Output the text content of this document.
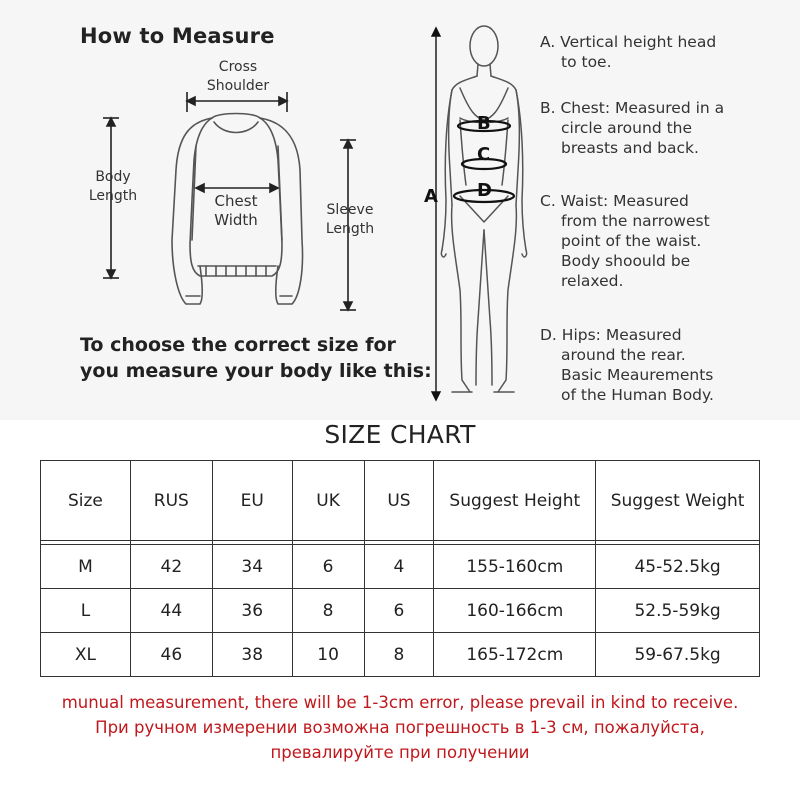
How to Measure
Cross
Shoulder
Body
Length	Chest
Width
Sleeve
Length
To choose the correct size for
you measure your body like this:
A
B
C
D
A. Vertical height head
to toe.
B. Chest: Measured in a
circle around the
breasts and back.
C. Waist: Measured
from the narrowest
point of the waist.
Body shoould be
relaxed.
D. Hips: Measured
around the rear.
Basic Meaurements
of the Human Body.
SIZE CHART
Size	RUS	EU	UK	US	Suggest Height	Suggest Weight

M	42	34	6	4	155-160cm	45-52.5kg
L	44	36	8	6	160-166cm	52.5-59kg
XL	46	38	10	8	165-172cm	59-67.5kg
munual measurement, there will be 1-3cm error, please prevail in kind to receive.
При ручном измерении возможна погрешность в 1-3 см, пожалуйста,
превалируйте при получении
